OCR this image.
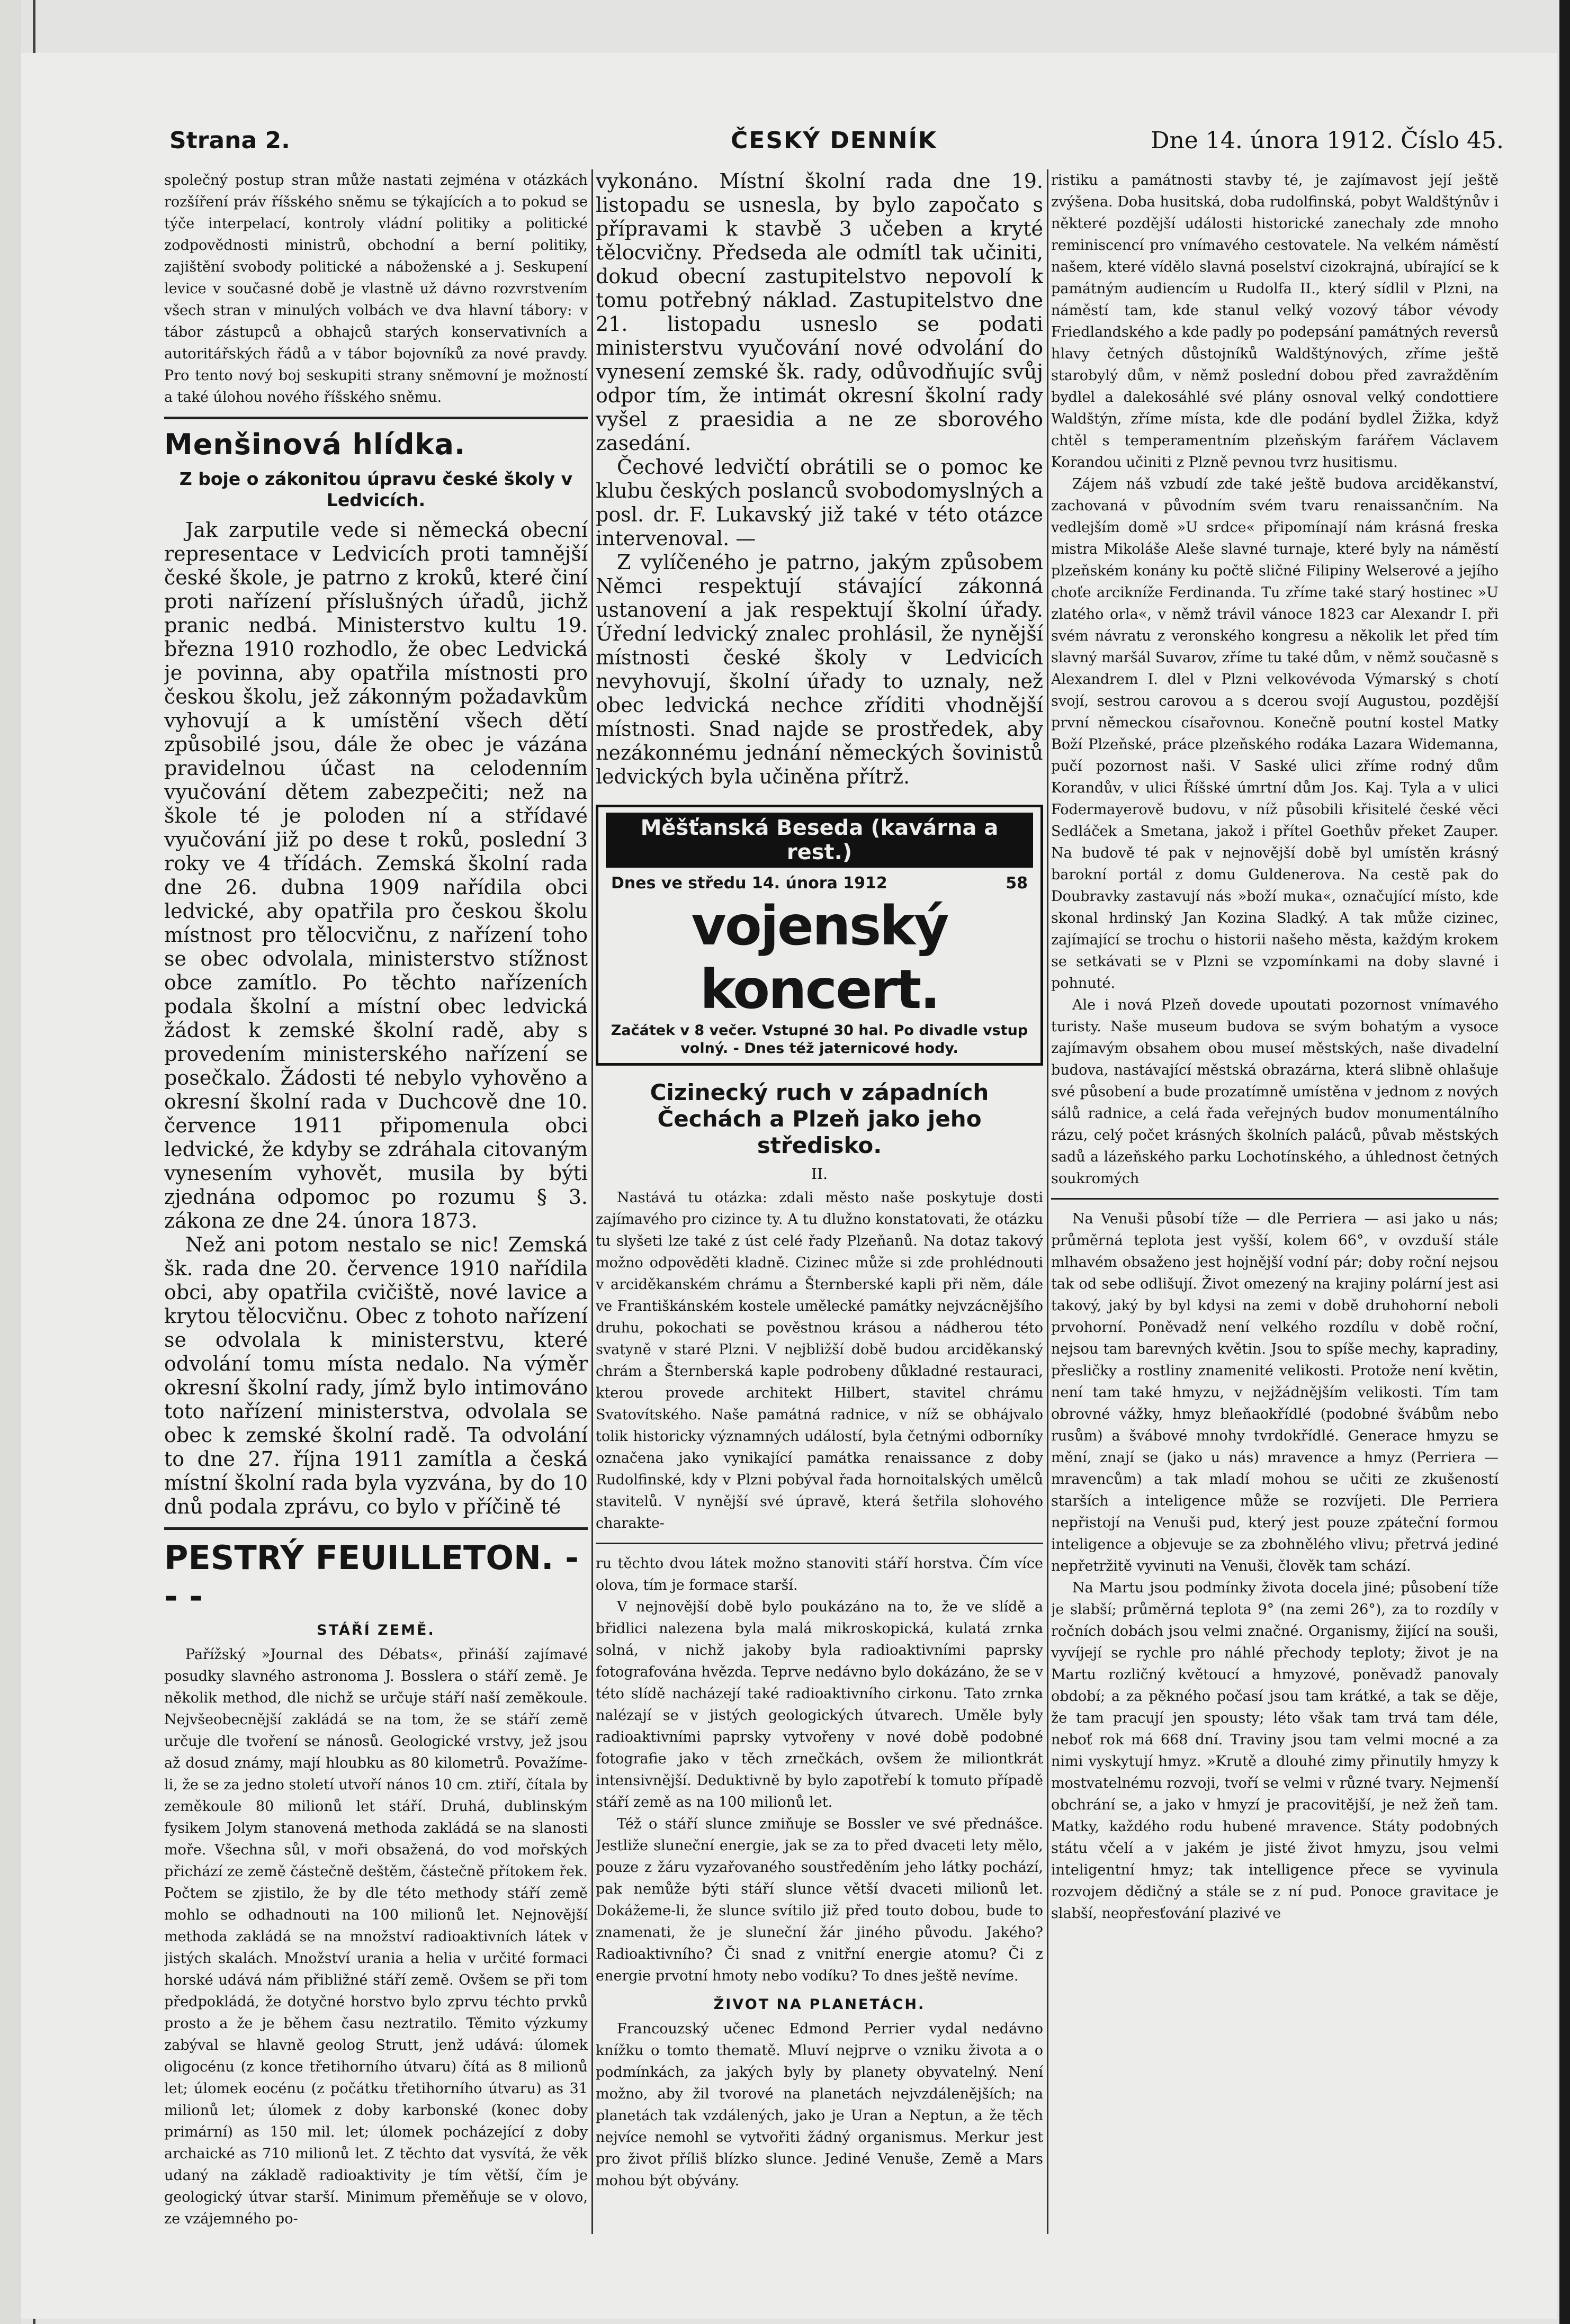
Strana 2.	ČESKÝ DENNÍK	Dne 14. února 1912. Číslo 45.

společný postup stran může nastati zejména v otázkách rozšíření práv říšského sněmu se týkajících a to pokud se týče interpelací, kontroly vládní politiky a politické zodpovědnosti ministrů, obchodní a berní politiky, zajištění svobody politické a náboženské a j. Seskupení levice v současné době je vlastně už dávno rozvrstvením všech stran v minulých volbách ve dva hlavní tábory: v tábor zástupců a obhajců starých konservativních a autoritářských řádů a v tábor bojovníků za nové pravdy. Pro tento nový boj seskupiti strany sněmovní je možností a také úlohou nového říšského sněmu.

Menšinová hlídka.
Z boje o zákonitou úpravu české školy v Ledvicích.

Jak zarputile vede si německá obecní representace v Ledvicích proti tamnější české škole, je patrno z kroků, které činí proti nařízení příslušných úřadů, jichž pranic nedbá. Ministerstvo kultu 19. března 1910 rozhodlo, že obec Ledvická je povinna, aby opatřila místnosti pro českou školu, jež zákonným požadavkům vyhovují a k umístění všech dětí způsobilé jsou, dále že obec je vázána pravidelnou účast na celodenním vyučování dětem zabezpečiti; než na škole té je poloden ní a střídavé vyučování již po dese t roků, poslední 3 roky ve 4 třídách. Zemská školní rada dne 26. dubna 1909 nařídila obci ledvické, aby opatřila pro českou školu místnost pro tělocvičnu, z nařízení toho se obec odvolala, ministerstvo stížnost obce zamítlo. Po těchto nařízeních podala školní a místní obec ledvická žádost k zemské školní radě, aby s provedením ministerského nařízení se posečkalo. Žádosti té nebylo vyhověno a okresní školní rada v Duchcově dne 10. července 1911 připomenula obci ledvické, že kdyby se zdráhala citovaným vynesením vyhovět, musila by býti zjednána odpomoc po rozumu § 3. zákona ze dne 24. února 1873.

Než ani potom nestalo se nic! Zemská šk. rada dne 20. července 1910 nařídila obci, aby opatřila cvičiště, nové lavice a krytou tělocvičnu. Obec z tohoto nařízení se odvolala k ministerstvu, které odvolání tomu místa nedalo. Na výměr okresní školní rady, jímž bylo intimováno toto nařízení ministerstva, odvolala se obec k zemské školní radě. Ta odvolání to dne 27. října 1911 zamítla a česká místní školní rada byla vyzvána, by do 10 dnů podala zprávu, co bylo v příčině té

PESTRÝ FEUILLETON. - - -
STÁŘÍ ZEMĚ.

Pařížský »Journal des Débats«, přináší zajímavé posudky slavného astronoma J. Bosslera o stáří země. Je několik method, dle nichž se určuje stáří naší zeměkoule. Nejvšeobecnější zakládá se na tom, že se stáří země určuje dle tvoření se nánosů. Geologické vrstvy, jež jsou až dosud známy, mají hloubku as 80 kilometrů. Považíme-li, že se za jedno století utvoří nános 10 cm. ztiří, čítala by zeměkoule 80 milionů let stáří. Druhá, dublinským fysikem Jolym stanovená methoda zakládá se na slanosti moře. Všechna sůl, v moři obsažená, do vod mořských přichází ze země částečně deštěm, částečně přítokem řek. Počtem se zjistilo, že by dle této methody stáří země mohlo se odhadnouti na 100 milionů let. Nejnovější methoda zakládá se na množství radioaktivních látek v jistých skalách. Množství urania a helia v určité formaci horské udává nám přibližné stáří země. Ovšem se při tom předpokládá, že dotyčné horstvo bylo zprvu téchto prvků prosto a že je během času neztratilo. Těmito výzkumy zabýval se hlavně geolog Strutt, jenž udává: úlomek oligocénu (z konce třetihorního útvaru) čítá as 8 milionů let; úlomek eocénu (z počátku třetihorního útvaru) as 31 milionů let; úlomek z doby karbonské (konec doby primární) as 150 mil. let; úlomek pocházející z doby archaické as 710 milionů let. Z těchto dat vysvítá, že věk udaný na základě radioaktivity je tím větší, čím je geologický útvar starší. Minimum přeměňuje se v olovo, ze vzájemného po-

vykonáno. Místní školní rada dne 19. listopadu se usnesla, by bylo započato s přípravami k stavbě 3 učeben a kryté tělocvičny. Předseda ale odmítl tak učiniti, dokud obecní zastupitelstvo nepovolí k tomu potřebný náklad. Zastupitelstvo dne 21. listopadu usneslo se podati ministerstvu vyučování nové odvolání do vynesení zemské šk. rady, odůvodňujíc svůj odpor tím, že intimát okresní školní rady vyšel z praesidia a ne ze sborového zasedání.

Čechové ledvičtí obrátili se o pomoc ke klubu českých poslanců svobodomyslných a posl. dr. F. Lukavský již také v této otázce intervenoval. —

Z vylíčeného je patrno, jakým způsobem Němci respektují stávající zákonná ustanovení a jak respektují školní úřady. Úřední ledvický znalec prohlásil, že nynější místnosti české školy v Ledvicích nevyhovují, školní úřady to uznaly, než obec ledvická nechce zříditi vhodnější místnosti. Snad najde se prostředek, aby nezákonnému jednání německých šovinistů ledvických byla učiněna přítrž.

Měšťanská Beseda (kavárna a rest.)
Dnes ve středu 14. února 1912	58
vojenský koncert.
Začátek v 8 večer. Vstupné 30 hal. Po divadle vstup volný. - Dnes též jaternicové hody.
Cizinecký ruch v západních Čechách a Plzeň jako jeho středisko.
II.

Nastává tu otázka: zdali město naše poskytuje dosti zajímavého pro cizince ty. A tu dlužno konstatovati, že otázku tu slyšeti lze také z úst celé řady Plzeňanů. Na dotaz takový možno odpověděti kladně. Cizinec může si zde prohlédnouti v arciděkanském chrámu a Šternberské kapli při něm, dále ve Františkánském kostele umělecké památky nejvzácnějšího druhu, pokochati se pověstnou krásou a nádherou této svatyně v staré Plzni. V nejbližší době budou arciděkanský chrám a Šternberská kaple podrobeny důkladné restauraci, kterou provede architekt Hilbert, stavitel chrámu Svatovítského. Naše památná radnice, v níž se obhájvalo tolik historicky významných událostí, byla četnými odborníky označena jako vynikající památka renaissance z doby Rudolfinské, kdy v Plzni pobýval řada hornoitalských umělců stavitelů. V nynější své úpravě, která šetřila slohového charakte-

ru těchto dvou látek možno stanoviti stáří horstva. Čím více olova, tím je formace starší.

V nejnovější době bylo poukázáno na to, že ve slídě a břidlici nalezena byla malá mikroskopická, kulatá zrnka solná, v nichž jakoby byla radioaktivními paprsky fotografována hvězda. Teprve nedávno bylo dokázáno, že se v této slídě nacházejí také radioaktivního cirkonu. Tato zrnka nalézají se v jistých geologických útvarech. Uměle byly radioaktivními paprsky vytvořeny v nové době podobné fotografie jako v těch zrnečkách, ovšem že miliontkrát intensivnější. Deduktivně by bylo zapotřebí k tomuto případě stáří země as na 100 milionů let.

Též o stáří slunce zmiňuje se Bossler ve své přednášce. Jestliže sluneční energie, jak se za to před dvaceti lety mělo, pouze z žáru vyzařovaného soustředěním jeho látky pochází, pak nemůže býti stáří slunce větší dvaceti milionů let. Dokážeme-li, že slunce svítilo již před touto dobou, bude to znamenati, že je sluneční žár jiného původu. Jakého? Radioaktivního? Či snad z vnitřní energie atomu? Či z energie prvotní hmoty nebo vodíku? To dnes ještě nevíme.

ŽIVOT NA PLANETÁCH.

Francouzský učenec Edmond Perrier vydal nedávno knížku o tomto thematě. Mluví nejprve o vzniku života a o podmínkách, za jakých byly by planety obyvatelný. Není možno, aby žil tvorové na planetách nejvzdálenějších; na planetách tak vzdálených, jako je Uran a Neptun, a že těch nejvíce nemohl se vytvořiti žádný organismus. Merkur jest pro život příliš blízko slunce. Jediné Venuše, Země a Mars mohou být obývány.

ristiku a památnosti stavby té, je zajímavost její ještě zvýšena. Doba husitská, doba rudolfinská, pobyt Waldštýnův i některé pozdější události historické zanechaly zde mnoho reminiscencí pro vnímavého cestovatele. Na velkém náměstí našem, které vídělo slavná poselství cizokrajná, ubírající se k památným audiencím u Rudolfa II., který sídlil v Plzni, na náměstí tam, kde stanul velký vozový tábor vévody Friedlandského a kde padly po podepsání památných reversů hlavy četných důstojníků Waldštýnových, zříme ještě starobylý dům, v němž poslední dobou před zavražděním bydlel a dalekosáhlé své plány osnoval velký condottiere Waldštýn, zříme místa, kde dle podání bydlel Žižka, když chtěl s temperamentním plzeňským farářem Václavem Korandou učiniti z Plzně pevnou tvrz husitismu.

Zájem náš vzbudí zde také ještě budova arciděkanství, zachovaná v původním svém tvaru renaissančním. Na vedlejším domě »U srdce« připomínají nám krásná freska mistra Mikoláše Aleše slavné turnaje, které byly na náměstí plzeňském konány ku počtě sličné Filipiny Welserové a jejího choťe arcikníže Ferdinanda. Tu zříme také starý hostinec »U zlatého orla«, v němž trávil vánoce 1823 car Alexandr I. při svém návratu z veronského kongresu a několik let před tím slavný maršál Suvarov, zříme tu také dům, v němž současně s Alexandrem I. dlel v Plzni velkovévoda Výmarský s chotí svojí, sestrou carovou a s dcerou svojí Augustou, pozdější první německou císařovnou. Konečně poutní kostel Matky Boží Plzeňské, práce plzeňského rodáka Lazara Widemanna, pučí pozornost naši. V Saské ulici zříme rodný dům Korandův, v ulici Říšské úmrtní dům Jos. Kaj. Tyla a v ulici Fodermayerově budovu, v níž působili křisitelé české věci Sedláček a Smetana, jakož i přítel Goethův překet Zauper. Na budově té pak v nejnovější době byl umístěn krásný barokní portál z domu Guldenerova. Na cestě pak do Doubravky zastavují nás »boží muka«, označující místo, kde skonal hrdinský Jan Kozina Sladký. A tak může cizinec, zajímající se trochu o historii našeho města, každým krokem se setkávati se v Plzni se vzpomínkami na doby slavné i pohnuté.

Ale i nová Plzeň dovede upoutati pozornost vnímavého turisty. Naše museum budova se svým bohatým a vysoce zajímavým obsahem obou museí městských, naše divadelní budova, nastávající městská obrazárna, která slibně ohlašuje své působení a bude prozatímně umístěna v jednom z nových sálů radnice, a celá řada veřejných budov monumentálního rázu, celý počet krásných školních paláců, půvab městských sadů a lázeňského parku Lochotínského, a úhlednost četných soukromých

Na Venuši působí tíže — dle Perriera — asi jako u nás; průměrná teplota jest vyšší, kolem 66°, v ovzduší stále mlhavém obsaženo jest hojnější vodní pár; doby roční nejsou tak od sebe odlišují. Život omezený na krajiny polární jest asi takový, jaký by byl kdysi na zemi v době druhohorní neboli prvohorní. Poněvadž není velkého rozdílu v době roční, nejsou tam barevných květin. Jsou to spíše mechy, kapradiny, přesličky a rostliny znamenité velikosti. Protože není květin, není tam také hmyzu, v nejžádnějším velikosti. Tím tam obrovné vážky, hmyz bleňaokřídlé (podobné švábům nebo rusům) a švábové mnohy tvrdokřídlé. Generace hmyzu se mění, znají se (jako u nás) mravence a hmyz (Perriera — mravencům) a tak mladí mohou se učiti ze zkušeností starších a inteligence může se rozvíjeti. Dle Perriera nepřistojí na Venuši pud, který jest pouze zpáteční formou inteligence a objevuje se za zbohnělého vlivu; přetrvá jediné nepřetržitě vyvinuti na Venuši, člověk tam schází.

Na Martu jsou podmínky života docela jiné; působení tíže je slabší; průměrná teplota 9° (na zemi 26°), za to rozdíly v ročních dobách jsou velmi značné. Organismy, žijící na souši, vyvíjejí se rychle pro náhlé přechody teploty; život je na Martu rozličný květoucí a hmyzové, poněvadž panovaly období; a za pěkného počasí jsou tam krátké, a tak se děje, že tam pracují jen spousty; léto však tam trvá tam déle, neboť rok má 668 dní. Traviny jsou tam velmi mocné a za nimi vyskytují hmyz. »Krutě a dlouhé zimy přinutily hmyzy k mostvatelnému rozvoji, tvoří se velmi v různé tvary. Nejmenší obchrání se, a jako v hmyzí je pracovitější, je než žeň tam. Matky, každého rodu hubené mravence. Státy podobných státu včelí a v jakém je jisté život hmyzu, jsou velmi inteligentní hmyz; tak intelligence přece se vyvinula rozvojem dědičný a stále se z ní pud. Ponoce gravitace je slabší, neopřesťování plazivé ve
